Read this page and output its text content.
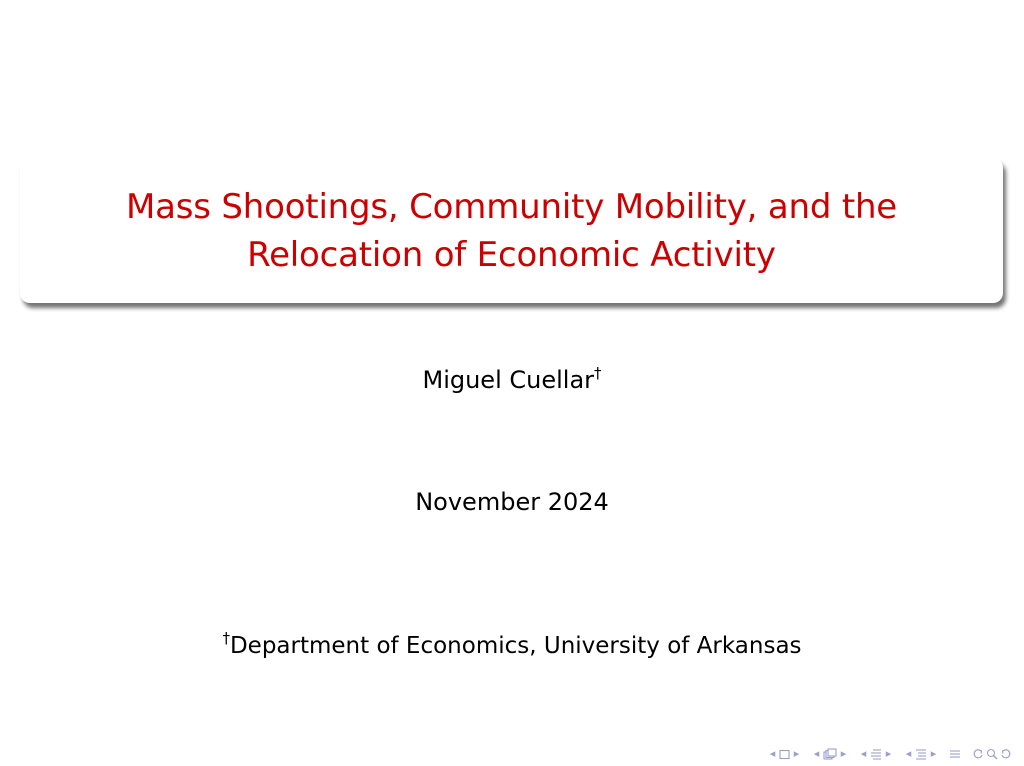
Mass Shootings, Community Mobility, and the
Relocation of Economic Activity
Miguel Cuellar†
November 2024
†Department of Economics, University of Arkansas
◂ ▸ ◂ ▸ ◂ ▸ ◂ ▸
